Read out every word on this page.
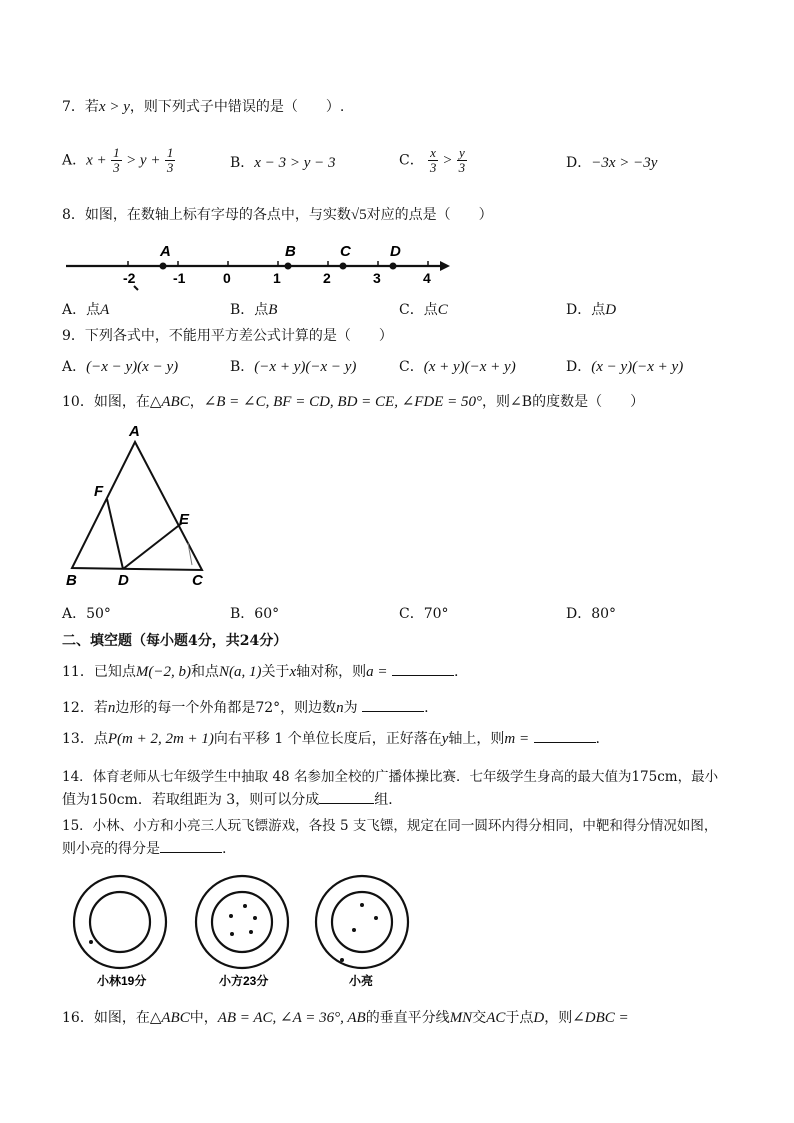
7．若x > y，则下列式子中错误的是（　　）.
A．$x + \frac{1}{3} > y + \frac{1}{3}$	B．x − 3 > y − 3	C． $\frac{x}{3} > \frac{y}{3}$	D．−3x > −3y
8．如图，在数轴上标有字母的各点中，与实数√5对应的点是（　　）
-2	-1	0	1	2	3	4
A	B	C	D
A．点A	B．点B	C．点C	D．点D
9．下列各式中，不能用平方差公式计算的是（　　）
A．(−x − y)(x − y)	B．(−x + y)(−x − y)	C．(x + y)(−x + y)	D．(x − y)(−x + y)
10．如图，在△ABC，∠B = ∠C, BF = CD, BD = CE, ∠FDE = 50°，则∠B的度数是（　　）
A
F
E
B	D	C
A．50°	B．60°	C．70°	D．80°
二、填空题（每小题4分，共24分）
11．已知点M(−2, b)和点N(a, 1)关于x轴对称，则a =	.
12．若n边形的每一个外角都是72°，则边数n为	.
13．点P(m + 2, 2m + 1)向右平移 1 个单位长度后，正好落在y轴上，则m =	.
14．体育老师从七年级学生中抽取 48 名参加全校的广播体操比赛．七年级学生身高的最大值为175cm，最小
值为150cm．若取组距为 3，则可以分成	组．
15．小林、小方和小亮三人玩飞镖游戏，各投 5 支飞镖，规定在同一圆环内得分相同，中靶和得分情况如图，
则小亮的得分是	.
小林19分	小方23分	小亮
16．如图，在△ABC中，AB = AC, ∠A = 36°, AB的垂直平分线MN交AC于点D，则∠DBC =
